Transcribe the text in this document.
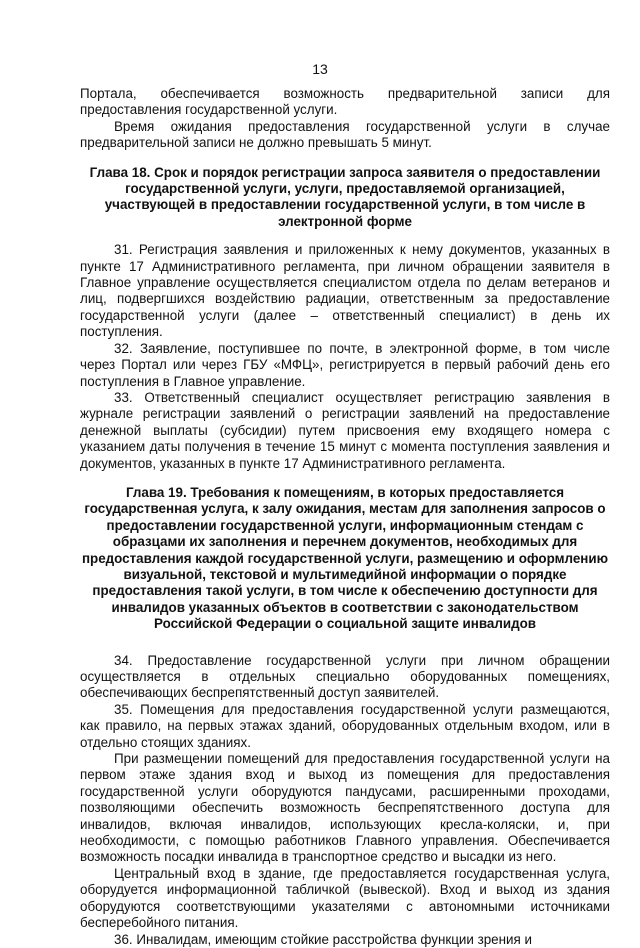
13

Портала, обеспечивается возможность предварительной записи для предоставления государственной услуги.

Время ожидания предоставления государственной услуги в случае предварительной записи не должно превышать 5 минут.

Глава 18. Срок и порядок регистрации запроса заявителя о предоставлении государственной услуги, услуги, предоставляемой организацией, участвующей в предоставлении государственной услуги, в том числе в электронной форме

31. Регистрация заявления и приложенных к нему документов, указанных в пункте 17 Административного регламента, при личном обращении заявителя в Главное управление осуществляется специалистом отдела по делам ветеранов и лиц, подвергшихся воздействию радиации, ответственным за предоставление государственной услуги (далее – ответственный специалист) в день их поступления.

32. Заявление, поступившее по почте, в электронной форме, в том числе через Портал или через ГБУ «МФЦ», регистрируется в первый рабочий день его поступления в Главное управление.

33. Ответственный специалист осуществляет регистрацию заявления в журнале регистрации заявлений о регистрации заявлений на предоставление денежной выплаты (субсидии) путем присвоения ему входящего номера с указанием даты получения в течение 15 минут с момента поступления заявления и документов, указанных в пункте 17 Административного регламента.

Глава 19. Требования к помещениям, в которых предоставляется государственная услуга, к залу ожидания, местам для заполнения запросов о предоставлении государственной услуги, информационным стендам с образцами их заполнения и перечнем документов, необходимых для предоставления каждой государственной услуги, размещению и оформлению визуальной, текстовой и мультимедийной информации о порядке предоставления такой услуги, в том числе к обеспечению доступности для инвалидов указанных объектов в соответствии с законодательством Российской Федерации о социальной защите инвалидов

34. Предоставление государственной услуги при личном обращении осуществляется в отдельных специально оборудованных помещениях, обеспечивающих беспрепятственный доступ заявителей.

35. Помещения для предоставления государственной услуги размещаются, как правило, на первых этажах зданий, оборудованных отдельным входом, или в отдельно стоящих зданиях.

При размещении помещений для предоставления государственной услуги на первом этаже здания вход и выход из помещения для предоставления государственной услуги оборудуются пандусами, расширенными проходами, позволяющими обеспечить возможность беспрепятственного доступа для инвалидов, включая инвалидов, использующих кресла-коляски, и, при необходимости, с помощью работников Главного управления. Обеспечивается возможность посадки инвалида в транспортное средство и высадки из него.

Центральный вход в здание, где предоставляется государственная услуга, оборудуется информационной табличкой (вывеской). Вход и выход из здания оборудуются соответствующими указателями с автономными источниками бесперебойного питания.

36. Инвалидам, имеющим стойкие расстройства функции зрения и
